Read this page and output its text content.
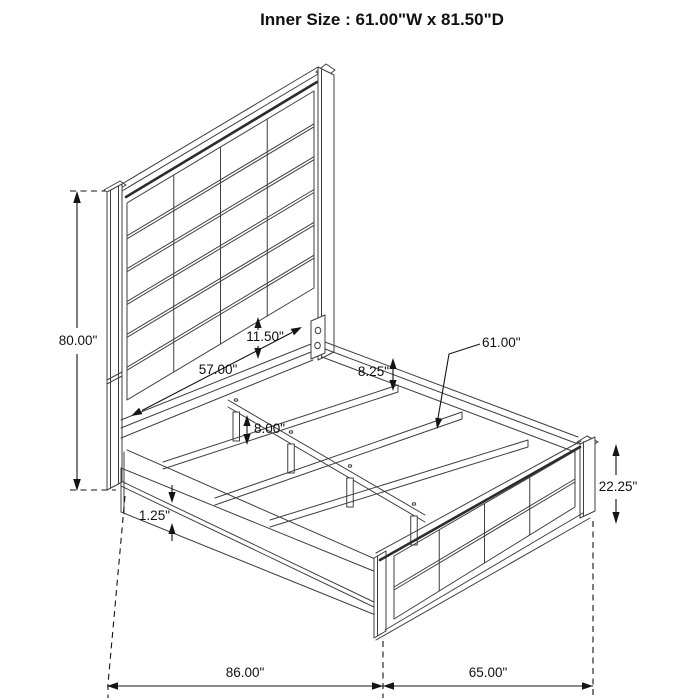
Inner Size : 61.00"W x 81.50"D
80.00"
57.00"
11.50"
8.25"
61.00"
8.00"
1.25"
22.25"
86.00"	65.00"
